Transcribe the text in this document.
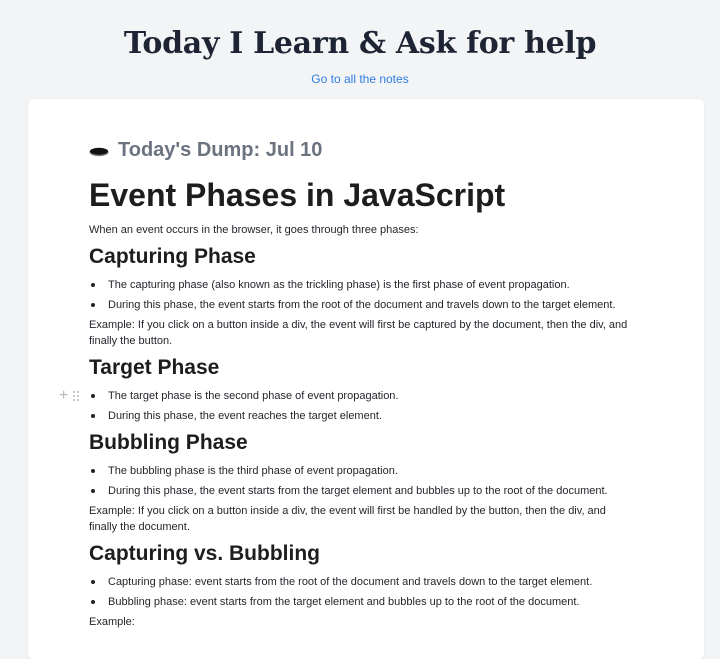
Today I Learn & Ask for help
Go to all the notes
+
Today's Dump: Jul 10
Event Phases in JavaScript

When an event occurs in the browser, it goes through three phases:

Capturing Phase
The capturing phase (also known as the trickling phase) is the first phase of event propagation.
During this phase, the event starts from the root of the document and travels down to the target element.

Example: If you click on a button inside a div, the event will first be captured by the document, then the div, and finally the button.

Target Phase
The target phase is the second phase of event propagation.
During this phase, the event reaches the target element.
Bubbling Phase
The bubbling phase is the third phase of event propagation.
During this phase, the event starts from the target element and bubbles up to the root of the document.

Example: If you click on a button inside a div, the event will first be handled by the button, then the div, and finally the document.

Capturing vs. Bubbling
Capturing phase: event starts from the root of the document and travels down to the target element.
Bubbling phase: event starts from the target element and bubbles up to the root of the document.

Example:
